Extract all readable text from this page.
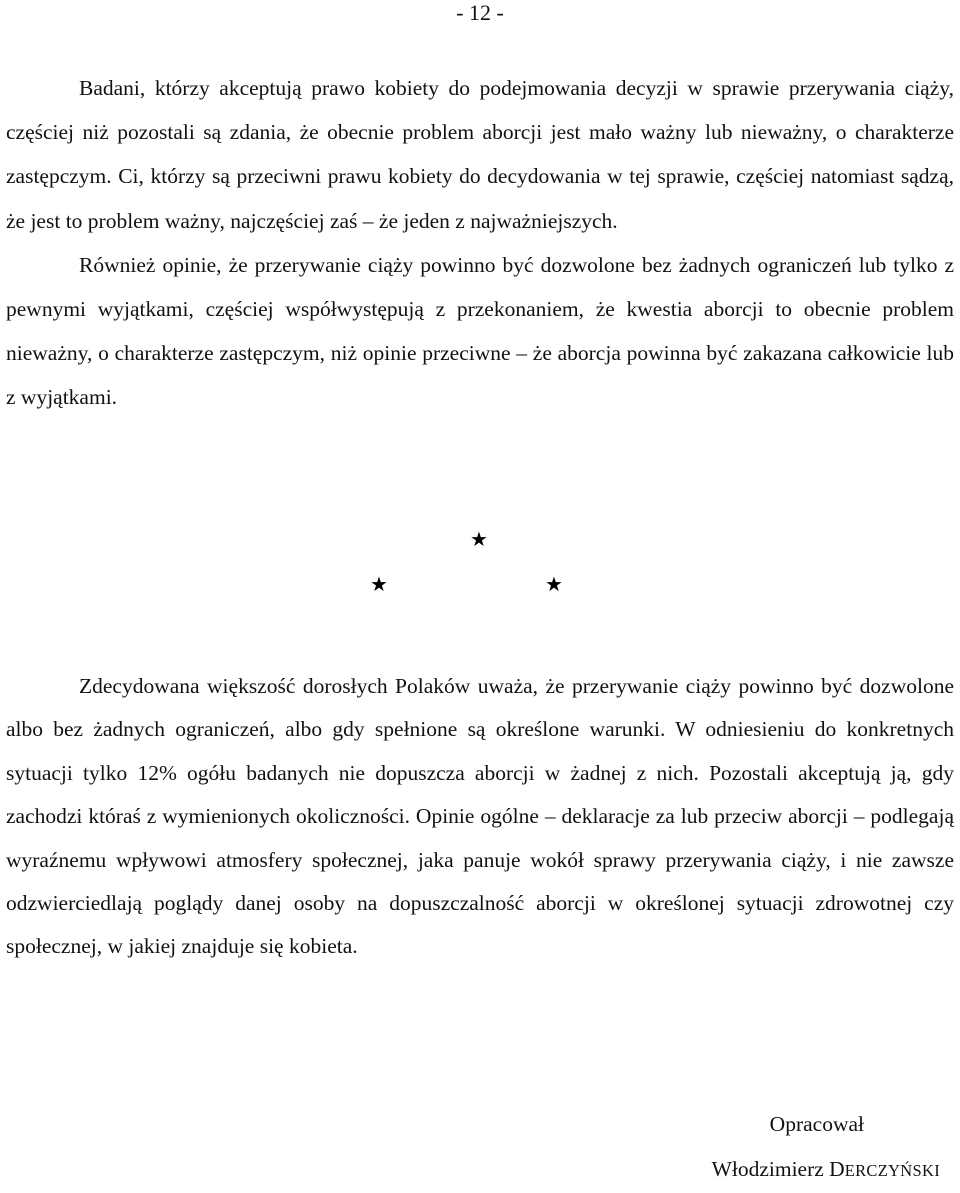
- 12 -

Badani, którzy akceptują prawo kobiety do podejmowania decyzji w sprawie przerywania ciąży, częściej niż pozostali są zdania, że obecnie problem aborcji jest mało ważny lub nieważny, o charakterze zastępczym. Ci, którzy są przeciwni prawu kobiety do decydowania w tej sprawie, częściej natomiast sądzą, że jest to problem ważny, najczęściej zaś – że jeden z najważniejszych.

Również opinie, że przerywanie ciąży powinno być dozwolone bez żadnych ograniczeń lub tylko z pewnymi wyjątkami, częściej współwystępują z przekonaniem, że kwestia aborcji to obecnie problem nieważny, o charakterze zastępczym, niż opinie przeciwne – że aborcja powinna być zakazana całkowicie lub z wyjątkami.

★
★	★

Zdecydowana większość dorosłych Polaków uważa, że przerywanie ciąży powinno być dozwolone albo bez żadnych ograniczeń, albo gdy spełnione są określone warunki. W odniesieniu do konkretnych sytuacji tylko 12% ogółu badanych nie dopuszcza aborcji w żadnej z nich. Pozostali akceptują ją, gdy zachodzi któraś z wymienionych okoliczności. Opinie ogólne – deklaracje za lub przeciw aborcji – podlegają wyraźnemu wpływowi atmosfery społecznej, jaka panuje wokół sprawy przerywania ciąży, i nie zawsze odzwierciedlają poglądy danej osoby na dopuszczalność aborcji w określonej sytuacji zdrowotnej czy społecznej, w jakiej znajduje się kobieta.

Opracował
Włodzimierz DERCZYŃSKI
